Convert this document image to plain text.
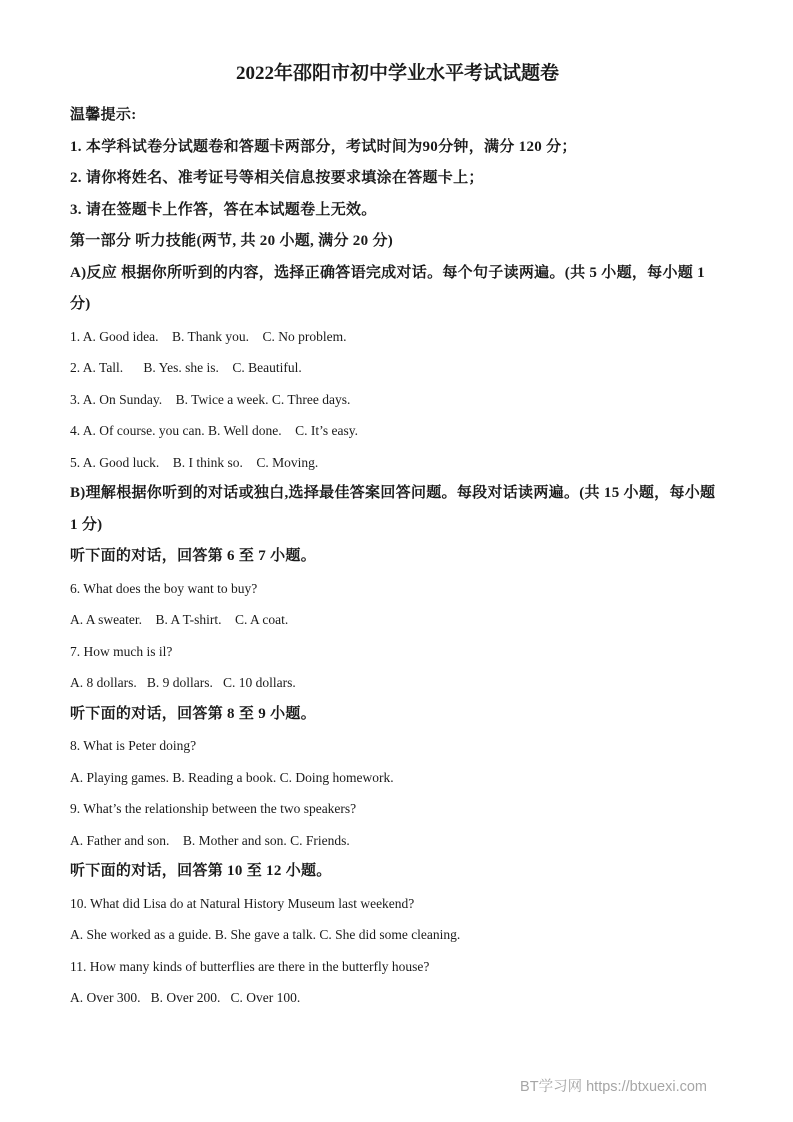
2022年邵阳市初中学业水平考试试题卷

温馨提示:

1. 本学科试卷分试题卷和答题卡两部分，考试时间为90分钟，满分 120 分；

2. 请你将姓名、准考证号等相关信息按要求填涂在答题卡上；

3. 请在签题卡上作答，答在本试题卷上无效。

第一部分 听力技能(两节, 共 20 小题, 满分 20 分)

A)反应 根据你所听到的内容，选择正确答语完成对话。每个句子读两遍。(共 5 小题，每小题 1 分)

1. A. Good idea.    B. Thank you.    C. No problem.

2. A. Tall.      B. Yes. she is.    C. Beautiful.

3. A. On Sunday.    B. Twice a week. C. Three days.

4. A. Of course. you can. B. Well done.    C. It’s easy.

5. A. Good luck.    B. I think so.    C. Moving.

B)理解根据你听到的对话或独白,选择最佳答案回答问题。每段对话读两遍。(共 15 小题，每小题 1 分)

听下面的对话，回答第 6 至 7 小题。

6. What does the boy want to buy?

A. A sweater.    B. A T-shirt.    C. A coat.

7. How much is il?

A. 8 dollars.   B. 9 dollars.   C. 10 dollars.

听下面的对话，回答第 8 至 9 小题。

8. What is Peter doing?

A. Playing games. B. Reading a book. C. Doing homework.

9. What’s the relationship between the two speakers?

A. Father and son.    B. Mother and son. C. Friends.

听下面的对话，回答第 10 至 12 小题。

10. What did Lisa do at Natural History Museum last weekend?

A. She worked as a guide. B. She gave a talk. C. She did some cleaning.

11. How many kinds of butterflies are there in the butterfly house?

A. Over 300.   B. Over 200.   C. Over 100.

BT学习网 https://btxuexi.com
